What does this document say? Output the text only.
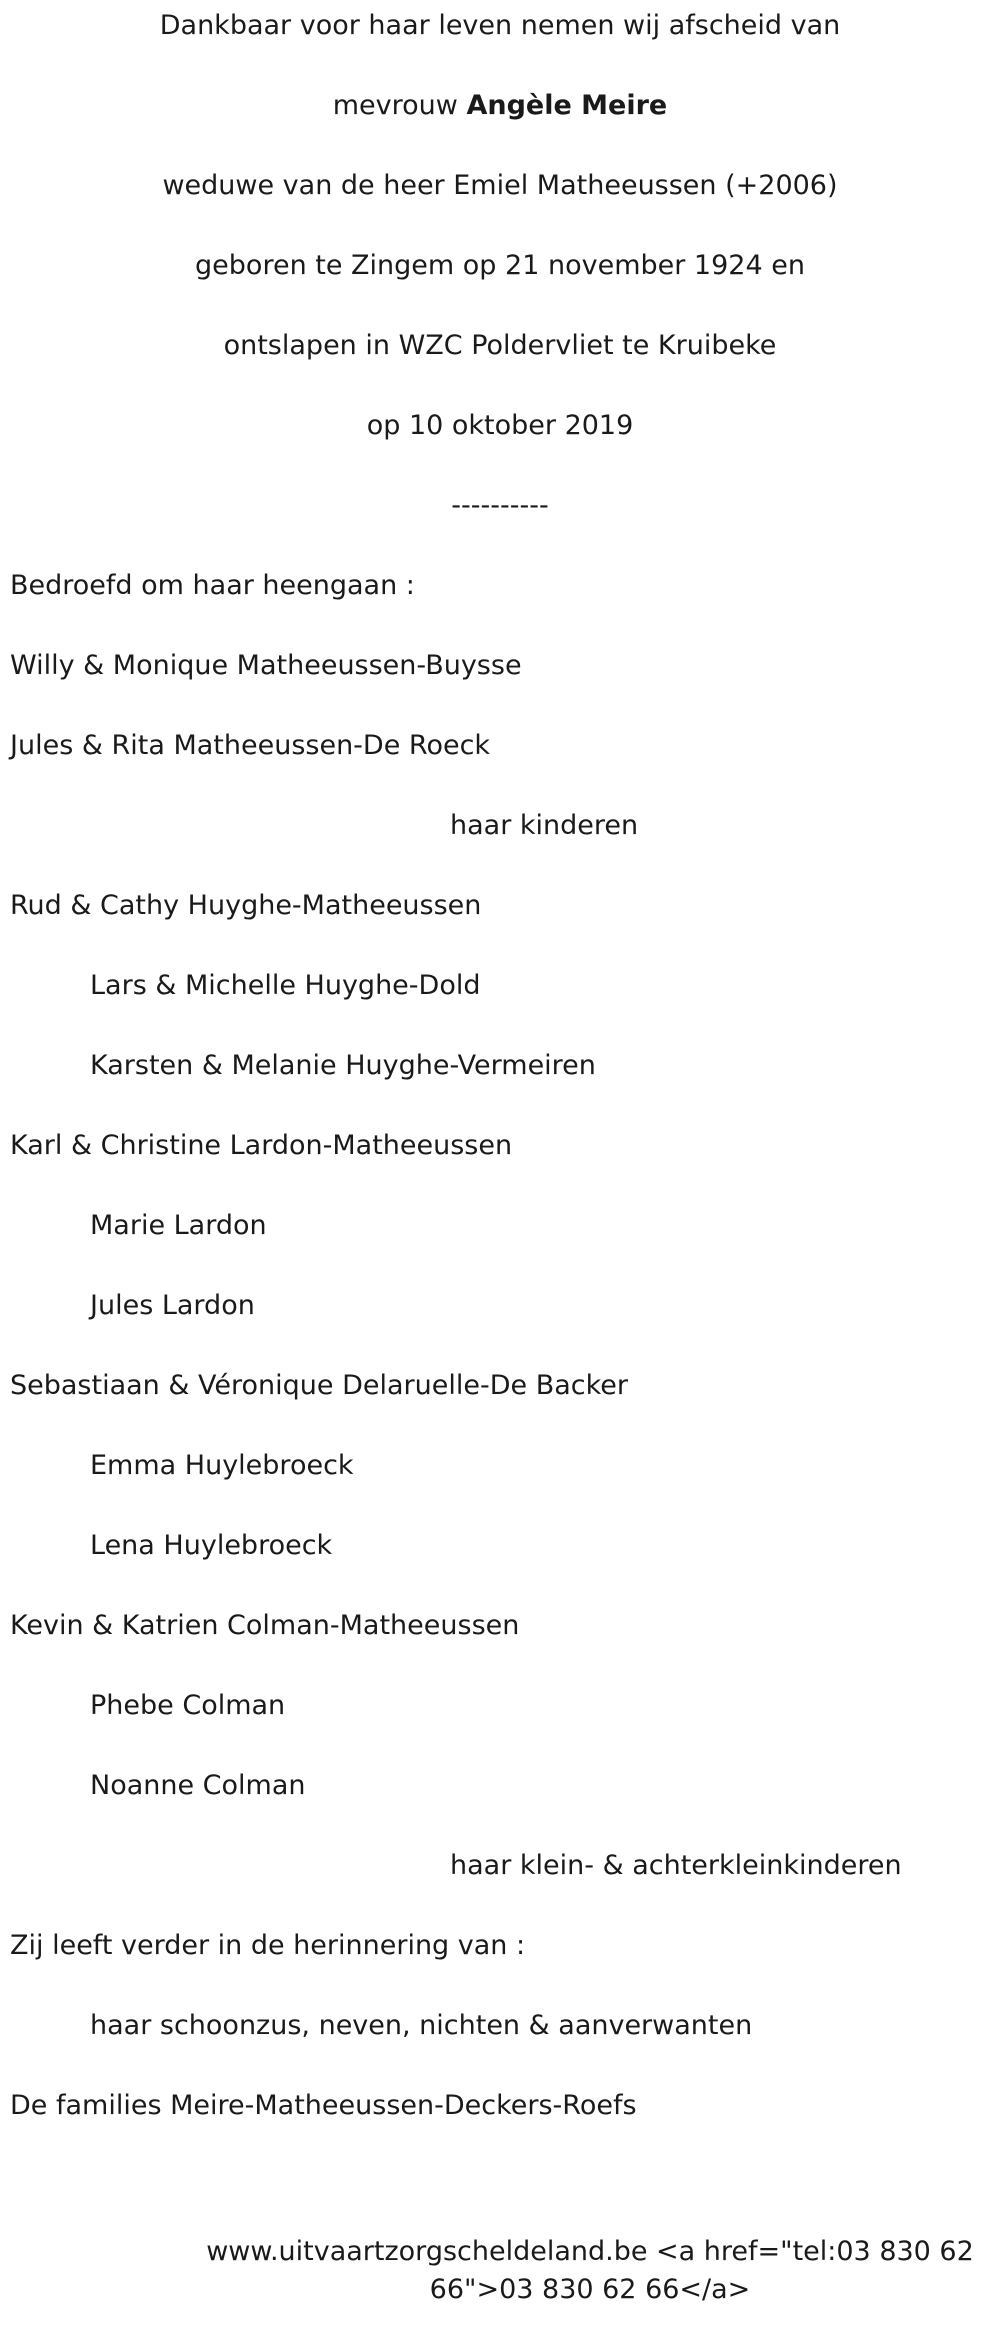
Dankbaar voor haar leven nemen wij afscheid van
mevrouw Angèle Meire
weduwe van de heer Emiel Matheeussen (+2006)
geboren te Zingem op 21 november 1924 en
ontslapen in WZC Poldervliet te Kruibeke
op 10 oktober 2019
----------
Bedroefd om haar heengaan :
Willy & Monique Matheeussen-Buysse
Jules & Rita Matheeussen-De Roeck
haar kinderen
Rud & Cathy Huyghe-Matheeussen
Lars & Michelle Huyghe-Dold
Karsten & Melanie Huyghe-Vermeiren
Karl & Christine Lardon-Matheeussen
Marie Lardon
Jules Lardon
Sebastiaan & Véronique Delaruelle-De Backer
Emma Huylebroeck
Lena Huylebroeck
Kevin & Katrien Colman-Matheeussen
Phebe Colman
Noanne Colman
haar klein- & achterkleinkinderen
Zij leeft verder in de herinnering van :
haar schoonzus, neven, nichten & aanverwanten
De families Meire-Matheeussen-Deckers-Roefs
www.uitvaartzorgscheldeland.be <a href="tel:03 830 62 66">03 830 62 66</a>
